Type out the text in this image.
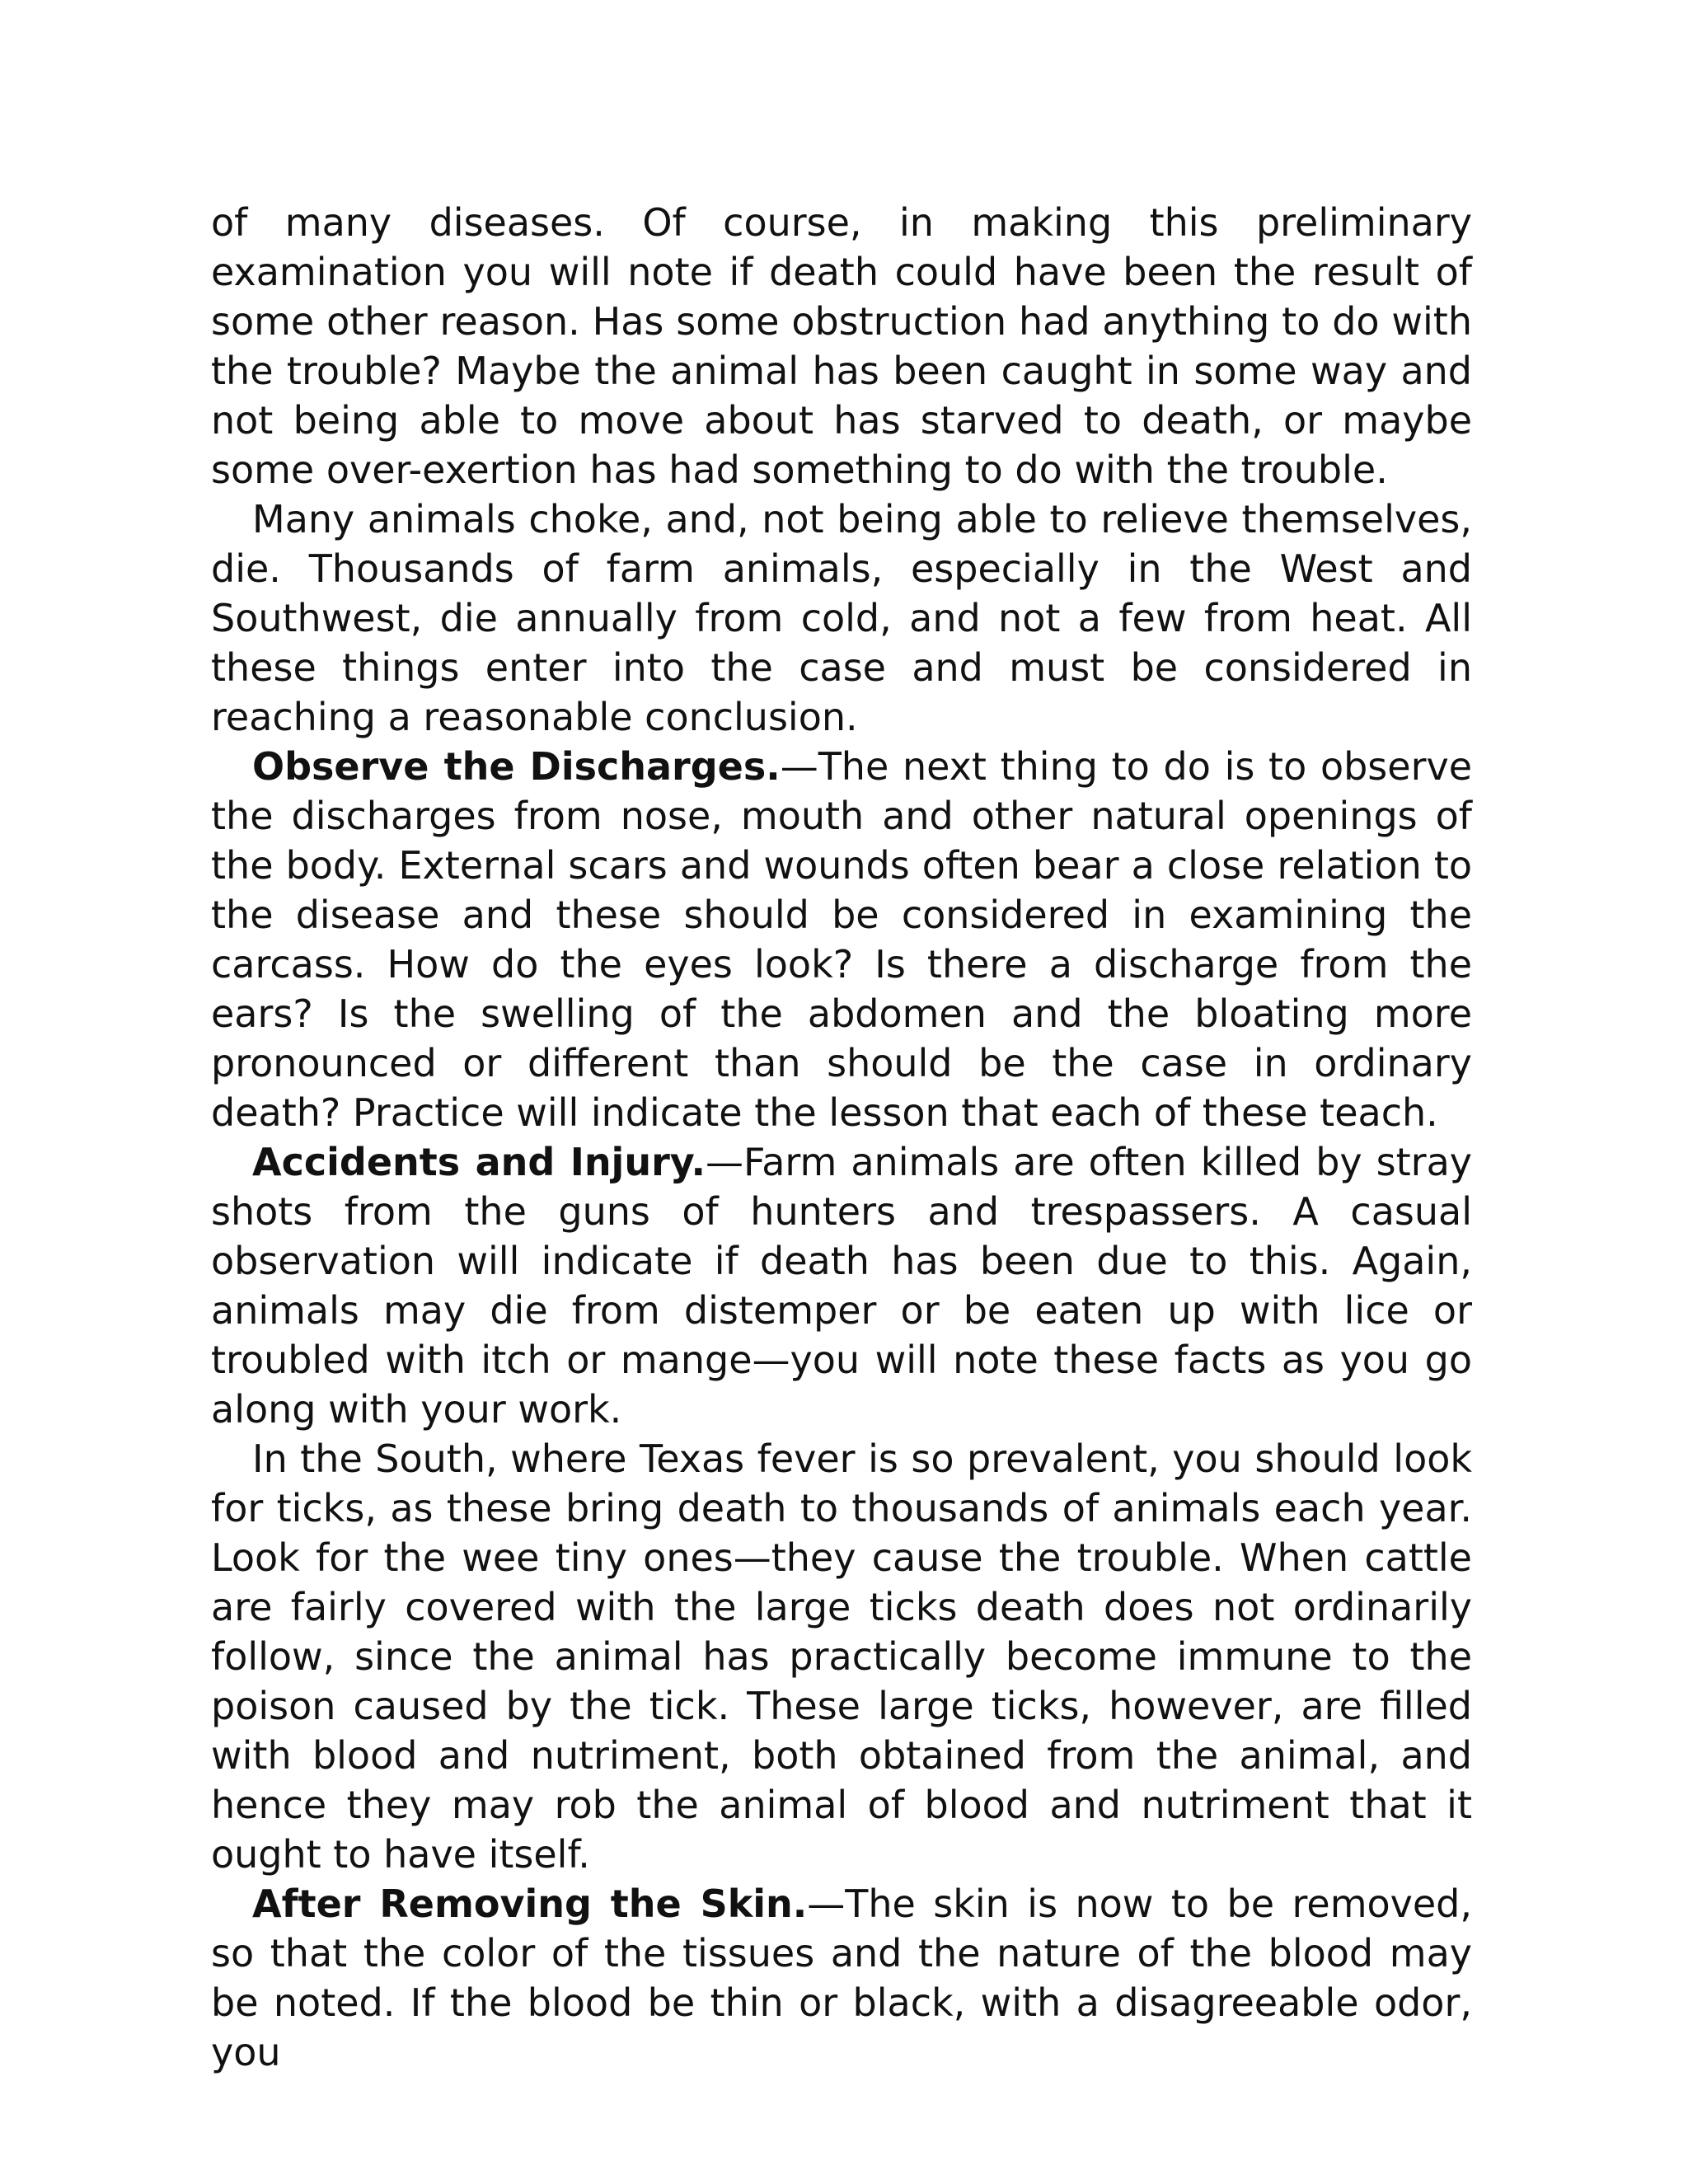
of many diseases. Of course, in making this preliminary examination you will note if death could have been the result of some other reason. Has some obstruction had anything to do with the trouble? Maybe the animal has been caught in some way and not being able to move about has starved to death, or maybe some over-exertion has had something to do with the trouble.

Many animals choke, and, not being able to relieve themselves, die. Thousands of farm animals, especially in the West and Southwest, die annually from cold, and not a few from heat. All these things enter into the case and must be considered in reaching a reasonable conclusion.

Observe the Discharges.—The next thing to do is to observe the discharges from nose, mouth and other natural openings of the body. External scars and wounds often bear a close relation to the disease and these should be considered in examining the carcass. How do the eyes look? Is there a discharge from the ears? Is the swelling of the abdomen and the bloating more pronounced or different than should be the case in ordinary death? Practice will indicate the lesson that each of these teach.

Accidents and Injury.—Farm animals are often killed by stray shots from the guns of hunters and trespassers. A casual observation will indicate if death has been due to this. Again, animals may die from distemper or be eaten up with lice or troubled with itch or mange—you will note these facts as you go along with your work.

In the South, where Texas fever is so prevalent, you should look for ticks, as these bring death to thousands of animals each year. Look for the wee tiny ones—they cause the trouble. When cattle are fairly covered with the large ticks death does not ordinarily follow, since the animal has practically become immune to the poison caused by the tick. These large ticks, however, are filled with blood and nutriment, both obtained from the animal, and hence they may rob the animal of blood and nutriment that it ought to have itself.

After Removing the Skin.—The skin is now to be removed, so that the color of the tissues and the nature of the blood may be noted. If the blood be thin or black, with a disagreeable odor, you
